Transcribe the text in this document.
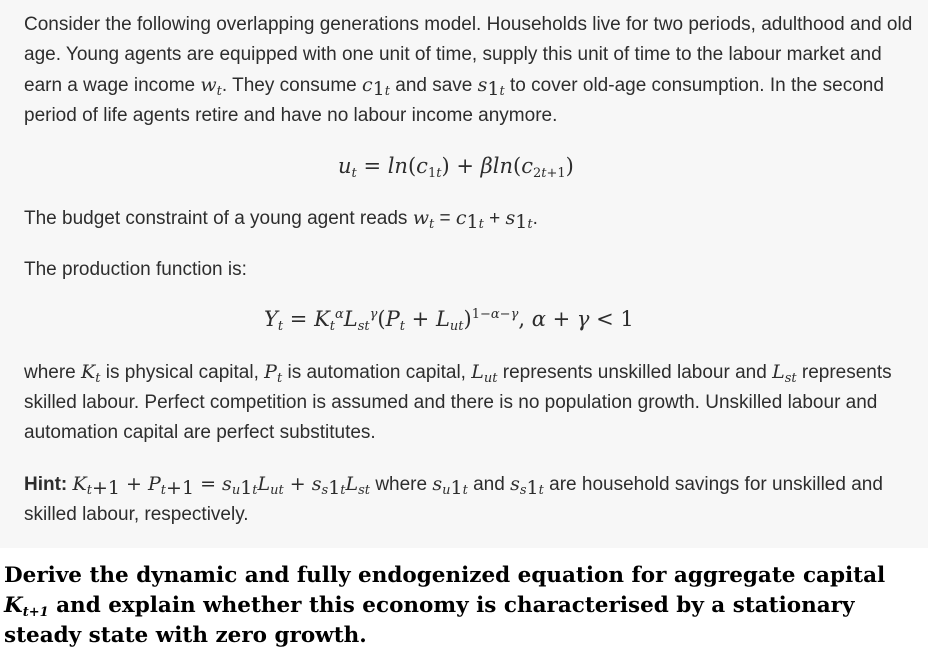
Consider the following overlapping generations model. Households live for two periods, adulthood and old age. Young agents are equipped with one unit of time, supply this unit of time to the labour market and earn a wage income $w_t$. They consume $c_{1t}$ and save $s_{1t}$ to cover old-age consumption. In the second period of life agents retire and have no labour income anymore.
$u_t = \ln(c_{1t}) + \beta\ln(c_{2t+1})$
The budget constraint of a young agent reads $w_t = c_{1t} + s_{1t}$.
The production function is:
$Y_t = K_t^\alpha L_{st}^\gamma(P_t + L_{ut})^{1-\alpha-\gamma}$, α + γ < 1
where $K_t$ is physical capital, $P_t$ is automation capital, $L_{ut}$ represents unskilled labour and $L_{st}$ represents skilled labour. Perfect competition is assumed and there is no population growth. Unskilled labour and automation capital are perfect substitutes.
Hint: $K_{t+1} + P_{t+1} = s_{u1t}L_{ut} + s_{s1t}L_{st}$ where $s_{u1t}$ and $s_{s1t}$ are household savings for unskilled and skilled labour, respectively.
Derive the dynamic and fully endogenized equation for aggregate capital $K_{t+1}$ and explain whether this economy is characterised by a stationary steady state with zero growth.
